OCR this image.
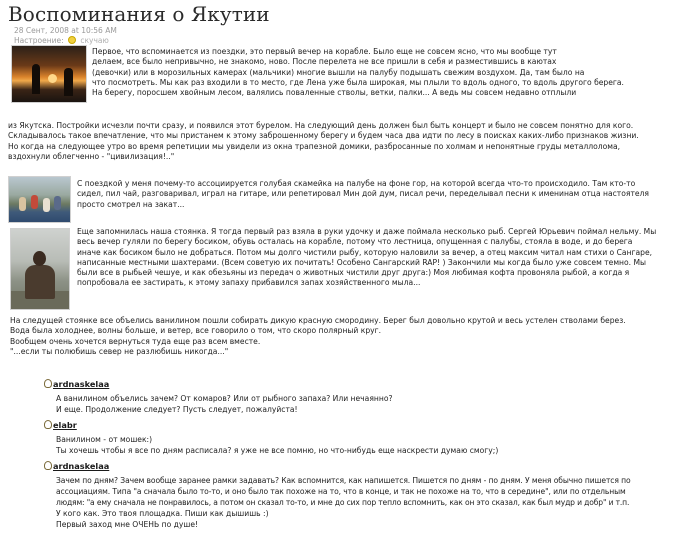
Воспоминания о Якутии
28 Сент, 2008 at 10:56 AM
Настроение: скучаю
Первое, что вспоминается из поездки, это первый вечер на корабле. Было еще не совсем ясно, что мы вообще тут
делаем, все было непривычно, не знакомо, ново. После перелета не все пришли в себя и разместившись в каютах
(девочки) или в морозильных камерах (мальчики) многие вышли на палубу подышать свежим воздухом. Да, там было на
что посмотреть. Мы как раз входили в то место, где Лена уже была широкая, мы плыли то вдоль одного, то вдоль другого берега.
На берегу, поросшем хвойным лесом, валялись поваленные стволы, ветки, палки... А ведь мы совсем недавно отплыли
из Якутска. Постройки исчезли почти сразу, и появился этот бурелом. На следующий день должен был быть концерт и было не совсем понятно для кого.
Складывалось такое впечатление, что мы пристанем к этому заброшенному берегу и будем часа два идти по лесу в поисках каких-либо признаков жизни.
Но когда на следующее утро во время репетиции мы увидели из окна трапезной домики, разбросанные по холмам и непонятные груды металлолома,
вздохнули облегченно - "цивилизация!.."
С поездкой у меня почему-то ассоциируется голубая скамейка на палубе на фоне гор, на которой всегда что-то происходило. Там кто-то
сидел, пил чай, разговаривал, играл на гитаре, или репетировал Мин дой дум, писал речи, переделывал песни к именинам отца настоятеля
просто смотрел на закат...
Еще запомнилась наша стоянка. Я тогда первый раз взяла в руки удочку и даже поймала несколько рыб. Сергей Юрьевич поймал нельму. Мы
весь вечер гуляли по берегу босиком, обувь осталась на корабле, потому что лестница, опущенная с палубы, стояла в воде, и до берега
иначе как босиком было не добраться. Потом мы долго чистили рыбу, которую наловили за вечер, а отец максим читал нам стихи о Сангаре,
написанные местными шахтерами. (Всем советую их почитать! Особено Сангарский RAP! ) Закончили мы когда было уже совсем темно. Мы
были все в рыбьей чешуе, и как обезьяны из передач о животных чистили друг друга:) Моя любимая кофта провоняла рыбой, а когда я
попробовала ее застирать, к этому запаху прибавился запах хозяйственного мыла...
На следущей стоянке все объелись ванилином пошли собирать дикую красную смородину. Берег был довольно крутой и весь устелен стволами берез.
Вода была холоднее, волны больше, и ветер, все говорило о том, что скоро полярный круг.
Вообщем очень хочется вернуться туда еще раз всем вместе.
"...если ты полюбишь север не разлюбишь никогда..."
ardnaskelaa
А ванилином объелись зачем? От комаров? Или от рыбного запаха? Или нечаянно?
И еще. Продолжение следует? Пусть следует, пожалуйста!
elabr
Ванилином - от мошек:)
Ты хочешь чтобы я все по дням расписала? я уже не все помню, но что-нибудь еще наскрести думаю смогу;)
ardnaskelaa
Зачем по дням? Зачем вообще заранее рамки задавать? Как вспомнится, как напишется. Пишется по дням - по дням. У меня обычно пишется по
ассоциациям. Типа "а сначала было то-то, и оно было так похоже на то, что в конце, и так не похоже на то, что в середине", или по отдельным
людям: "а ему сначала не понравилось, а потом он сказал то-то, и мне до сих пор тепло вспомнить, как он это сказал, как был мудр и добр" и т.п.
У кого как. Это твоя площадка. Пиши как дышишь :)
Первый заход мне ОЧЕНЬ по душе!
